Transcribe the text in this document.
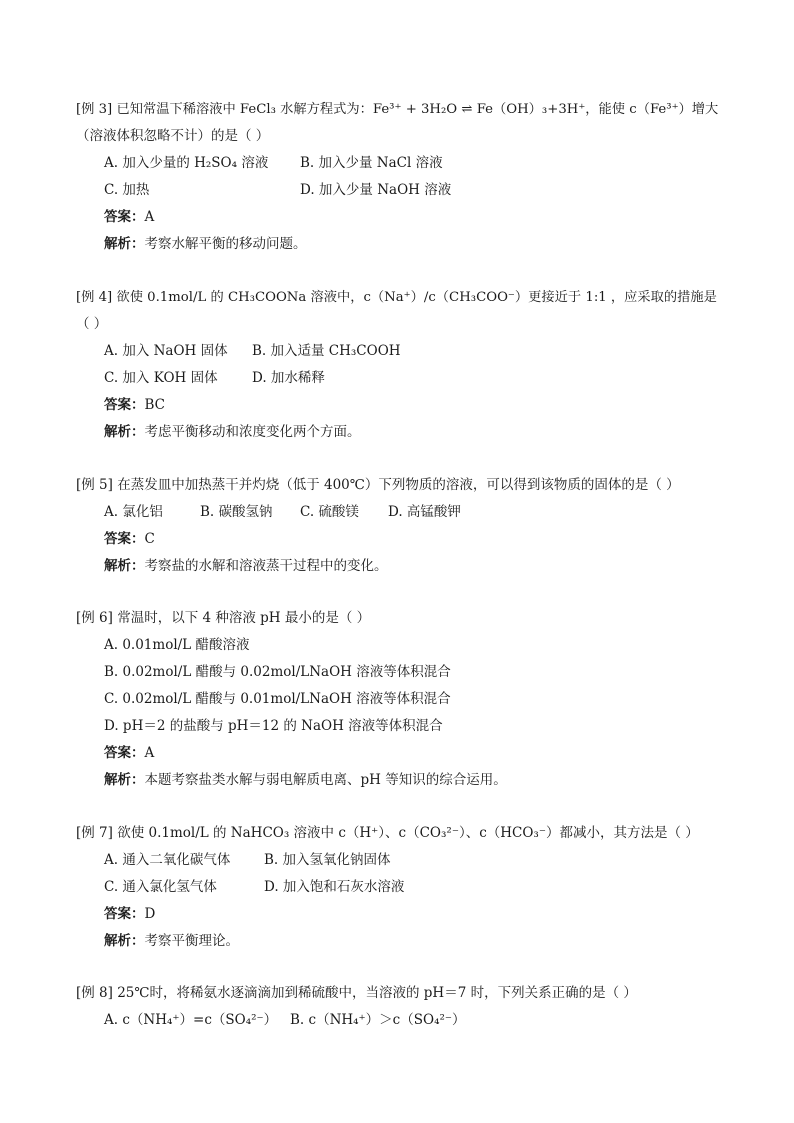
[例 3] 已知常温下稀溶液中 FeCl₃ 水解方程式为：Fe³⁺ + 3H₂O ⇌ Fe（OH）₃+3H⁺，能使 c（Fe³⁺）增大
（溶液体积忽略不计）的是（ ）
A. 加入少量的 H₂SO₄ 溶液 B. 加入少量 NaCl 溶液
C. 加热	D. 加入少量 NaOH 溶液
答案：A
解析：考察水解平衡的移动问题。
[例 4] 欲使 0.1mol/L 的 CH₃COONa 溶液中，c（Na⁺）/c（CH₃COO⁻）更接近于 1:1 ，应采取的措施是
（ ）
A. 加入 NaOH 固体 B. 加入适量 CH₃COOH
C. 加入 KOH 固体	D. 加水稀释
答案：BC
解析：考虑平衡移动和浓度变化两个方面。
[例 5] 在蒸发皿中加热蒸干并灼烧（低于 400℃）下列物质的溶液，可以得到该物质的固体的是（ ）
A. 氯化铝	B. 碳酸氢钠 C. 硫酸镁 D. 高锰酸钾
答案：C
解析：考察盐的水解和溶液蒸干过程中的变化。
[例 6] 常温时，以下 4 种溶液 pH 最小的是（ ）
A. 0.01mol/L 醋酸溶液
B. 0.02mol/L 醋酸与 0.02mol/LNaOH 溶液等体积混合
C. 0.02mol/L 醋酸与 0.01mol/LNaOH 溶液等体积混合
D. pH＝2 的盐酸与 pH＝12 的 NaOH 溶液等体积混合
答案：A
解析：本题考察盐类水解与弱电解质电离、pH 等知识的综合运用。
[例 7] 欲使 0.1mol/L 的 NaHCO₃ 溶液中 c（H⁺）、c（CO₃²⁻）、c（HCO₃⁻）都减小，其方法是（ ）
A. 通入二氧化碳气体 B. 加入氢氧化钠固体
C. 通入氯化氢气体	D. 加入饱和石灰水溶液
答案：D
解析：考察平衡理论。
[例 8] 25℃时，将稀氨水逐滴滴加到稀硫酸中，当溶液的 pH＝7 时，下列关系正确的是（ ）
A. c（NH₄⁺）=c（SO₄²⁻） B. c（NH₄⁺）＞c（SO₄²⁻）
